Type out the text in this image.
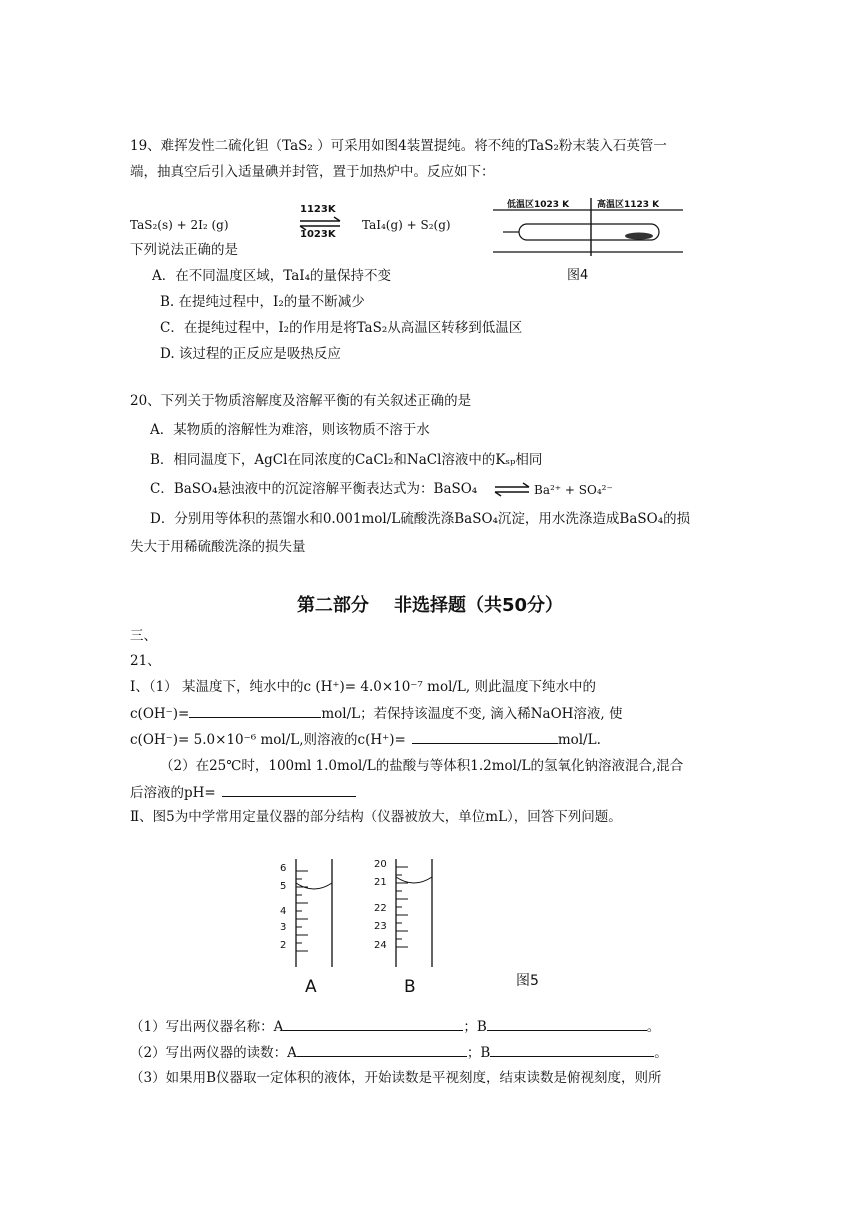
19、难挥发性二硫化钽（TaS₂ ）可采用如图4装置提纯。将不纯的TaS₂粉末装入石英管一
端，抽真空后引入适量碘并封管，置于加热炉中。反应如下：
TaS₂(s) + 2I₂ (g)
1123K
1023K
TaI₄(g) + S₂(g)
低温区1023 K	高温区1123 K
下列说法正确的是
图4
A．在不同温度区域，TaI₄的量保持不变
B. 在提纯过程中，I₂的量不断减少
C．在提纯过程中，I₂的作用是将TaS₂从高温区转移到低温区
D. 该过程的正反应是吸热反应
20、下列关于物质溶解度及溶解平衡的有关叙述正确的是
A．某物质的溶解性为难溶，则该物质不溶于水
B．相同温度下，AgCl在同浓度的CaCl₂和NaCl溶液中的Kₛₚ相同
C．BaSO₄悬浊液中的沉淀溶解平衡表达式为：BaSO₄	Ba²⁺ + SO₄²⁻
D．分别用等体积的蒸馏水和0.001mol/L硫酸洗涤BaSO₄沉淀，用水洗涤造成BaSO₄的损
失大于用稀硫酸洗涤的损失量
第二部分    非选择题（共50分）
三、
21、
Ⅰ、（1） 某温度下，纯水中的c (H⁺)= 4.0×10⁻⁷ mol/L, 则此温度下纯水中的
c(OH⁻)=	mol/L；若保持该温度不变, 滴入稀NaOH溶液, 使
c(OH⁻)= 5.0×10⁻⁶ mol/L,则溶液的c(H⁺)=	mol/L.
（2）在25℃时，100ml 1.0mol/L的盐酸与等体积1.2mol/L的氢氧化钠溶液混合,混合
后溶液的pH=
Ⅱ、图5为中学常用定量仪器的部分结构（仪器被放大，单位mL），回答下列问题。
6
5
4
3
2
20
21
22
23
24
A	B	图5
（1）写出两仪器名称：A	；B	。
（2）写出两仪器的读数：A	；B	。
（3）如果用B仪器取一定体积的液体，开始读数是平视刻度，结束读数是俯视刻度，则所
